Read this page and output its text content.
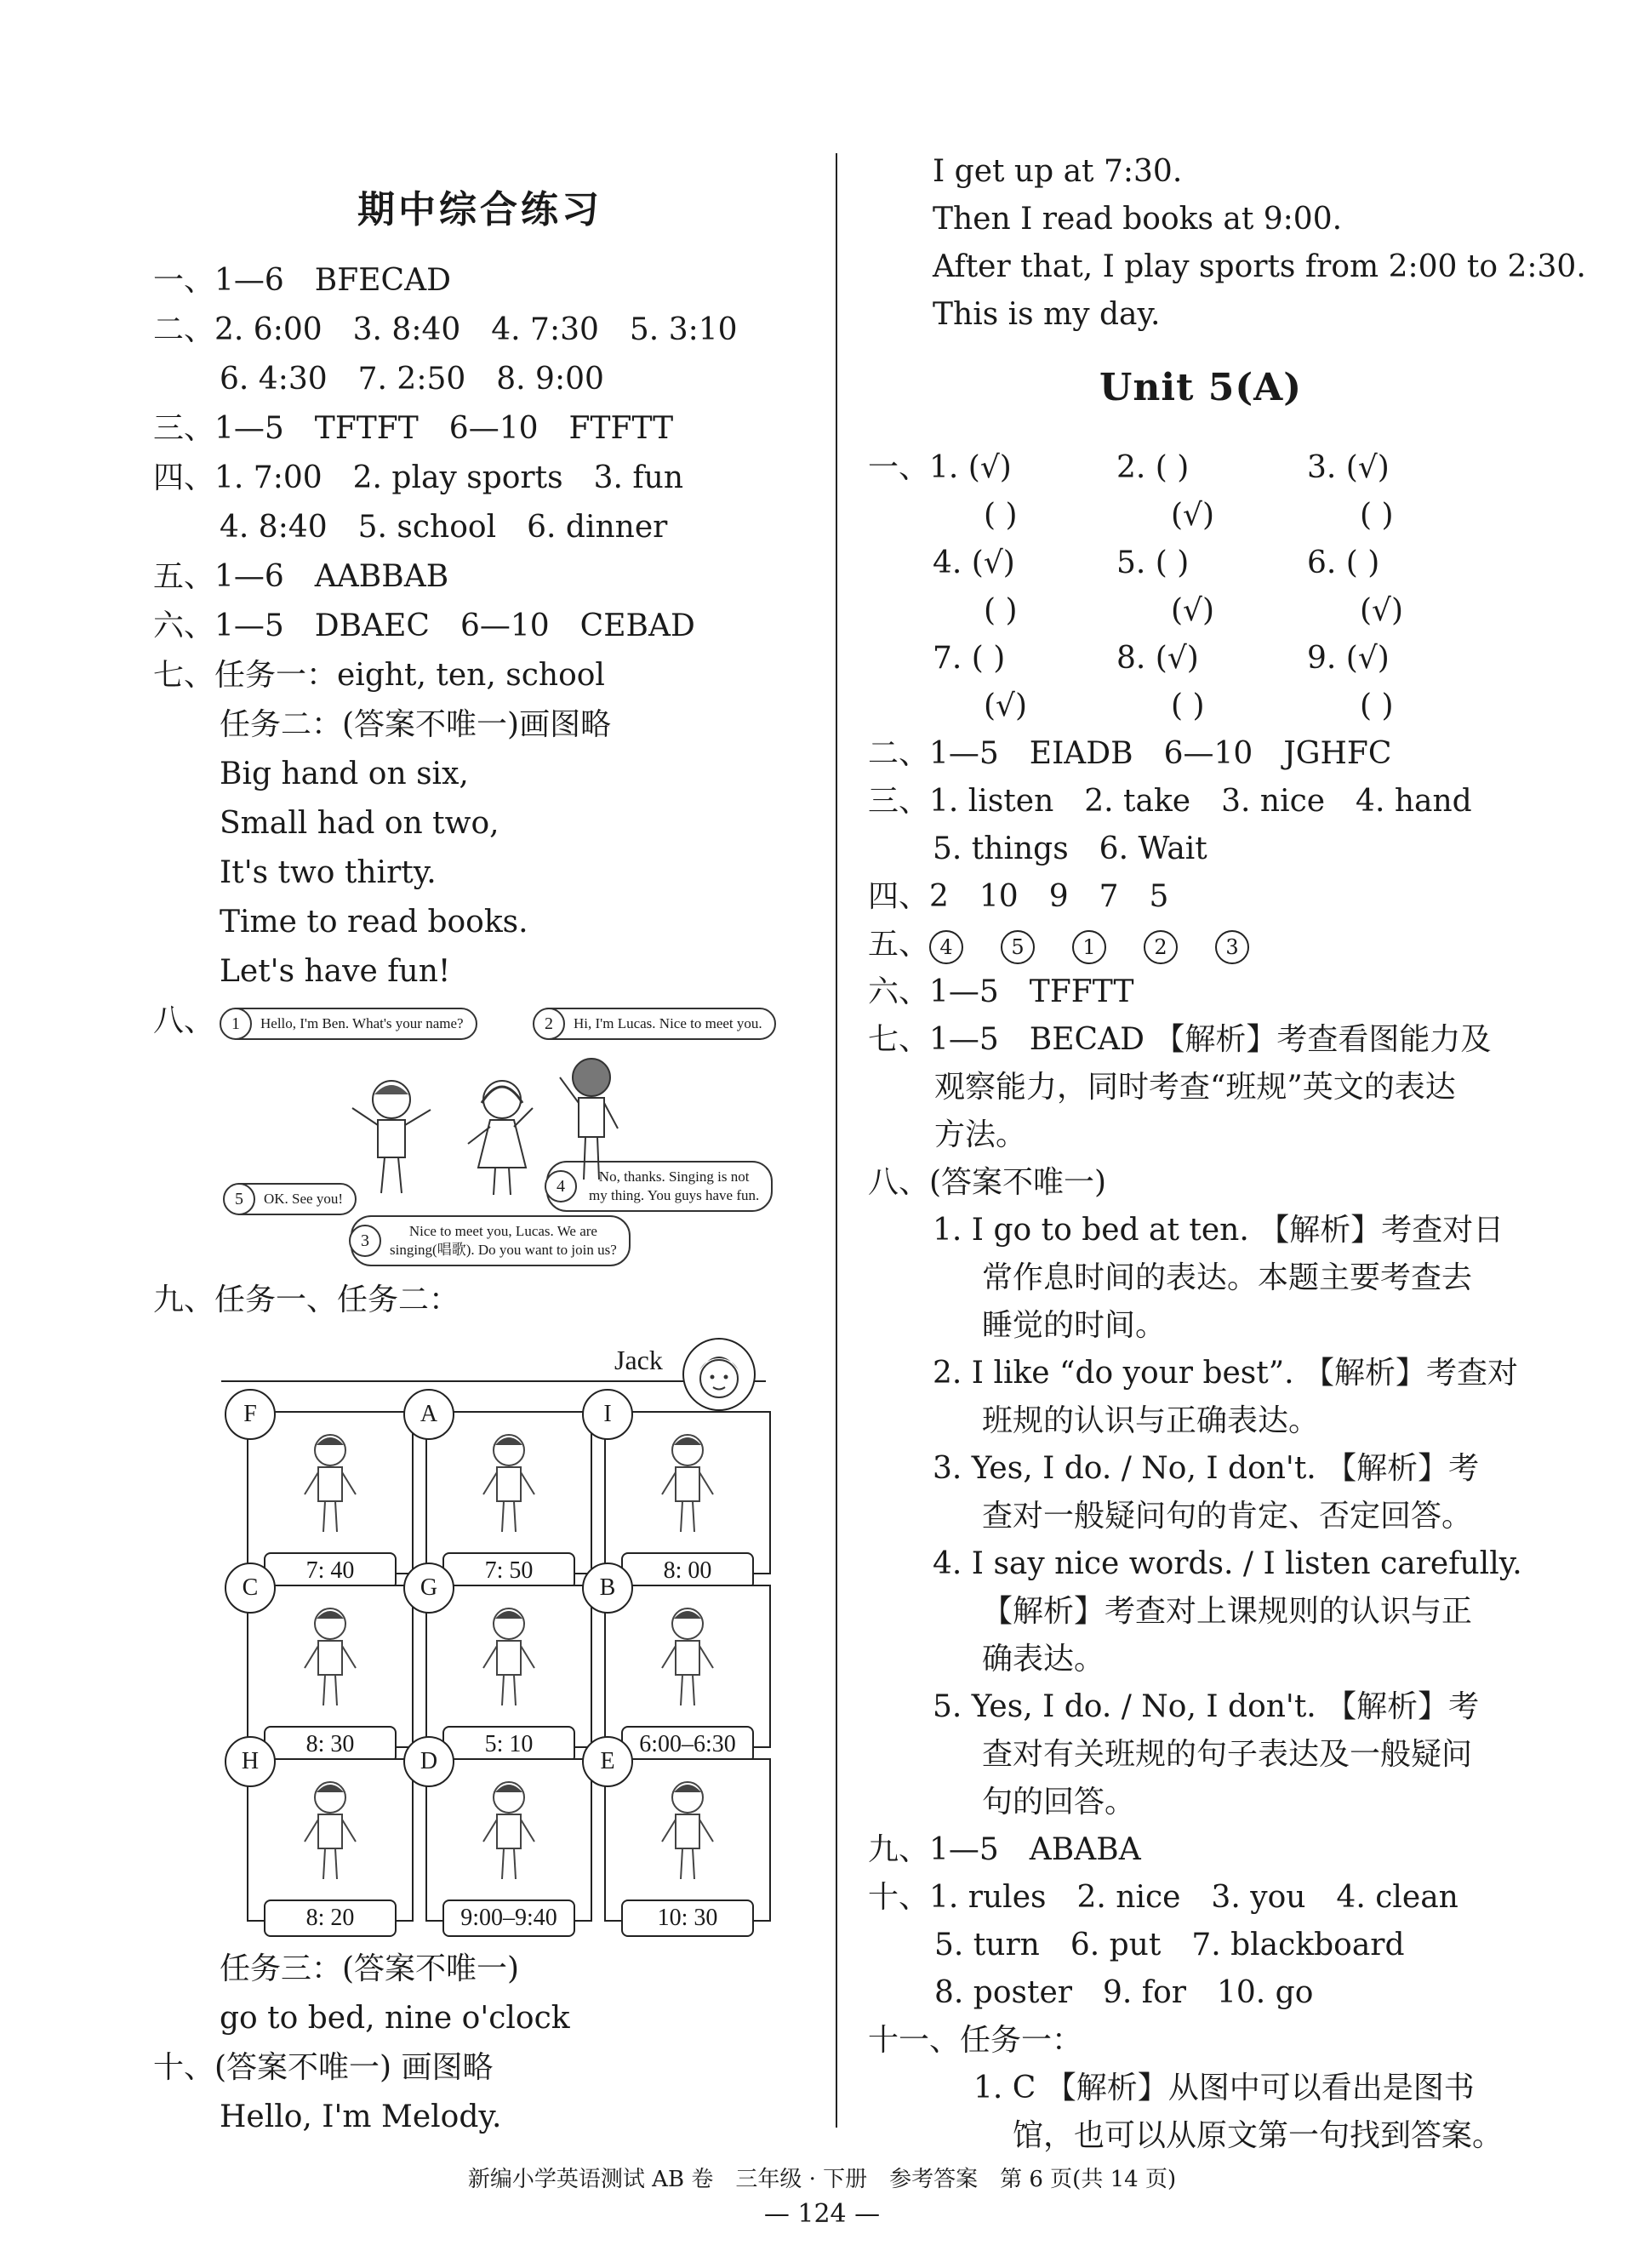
期中综合练习
一、1—6　BFECAD
二、2. 6:00　3. 8:40　4. 7:30　5. 3:10
6. 4:30　7. 2:50　8. 9:00
三、1—5　TFTFT　6—10　FTFTT
四、1. 7:00　2. play sports　3. fun
4. 8:40　5. school　6. dinner
五、1—6　AABBAB
六、1—5　DBAEC　6—10　CEBAD
七、任务一：eight, ten, school
任务二：(答案不唯一)画图略
Big hand on six,
Small had on two,
It's two thirty.
Time to read books.
Let's have fun!
八、 1	Hello, I'm Ben. What's your name?	2	Hi, I'm Lucas. Nice to meet you.
5	OK. See you!
4
No, thanks. Singing is not
my thing. You guys have fun.
3
Nice to meet you, Lucas. We are
singing(唱歌). Do you want to join us?
九、任务一、任务二：
Jack
F
7: 40
A
7: 50
I
8: 00
C
8: 30
G
5: 10
B
6:00–6:30
H
8: 20
D
9:00–9:40
E
10: 30
任务三：(答案不唯一)
go to bed, nine o'clock
十、(答案不唯一) 画图略
Hello, I'm Melody.
I get up at 7:30.
Then I read books at 9:00.
After that, I play sports from 2:00 to 2:30.
This is my day.
Unit 5(A)
一、1. (√)	2. ( )	3. (√)
( )	(√)	( )
4. (√)	5. ( )	6. ( )
( )	(√)	(√)
7. ( )	8. (√)	9. (√)
(√)	( )	( )
二、1—5　EIADB　6—10　JGHFC
三、1. listen　2. take　3. nice　4. hand
5. things　6. Wait
四、2　10　9　7　5
五、 4	5	1	2	3
六、1—5　TFFTT
七、1—5　BECAD 【解析】考查看图能力及
观察能力，同时考查“班规”英文的表达
方法。
八、(答案不唯一)
1. I go to bed at ten. 【解析】考查对日
常作息时间的表达。本题主要考查去
睡觉的时间。
2. I like “do your best”. 【解析】考查对
班规的认识与正确表达。
3. Yes, I do. / No, I don't. 【解析】考
查对一般疑问句的肯定、否定回答。
4. I say nice words. / I listen carefully.
【解析】考查对上课规则的认识与正
确表达。
5. Yes, I do. / No, I don't. 【解析】考
查对有关班规的句子表达及一般疑问
句的回答。
九、1—5　ABABA
十、1. rules　2. nice　3. you　4. clean
5. turn　6. put　7. blackboard
8. poster　9. for　10. go
十一、任务一：
1. C 【解析】从图中可以看出是图书
馆，也可以从原文第一句找到答案。
新编小学英语测试 AB 卷　三年级 · 下册　参考答案　第 6 页(共 14 页)
— 124 —
